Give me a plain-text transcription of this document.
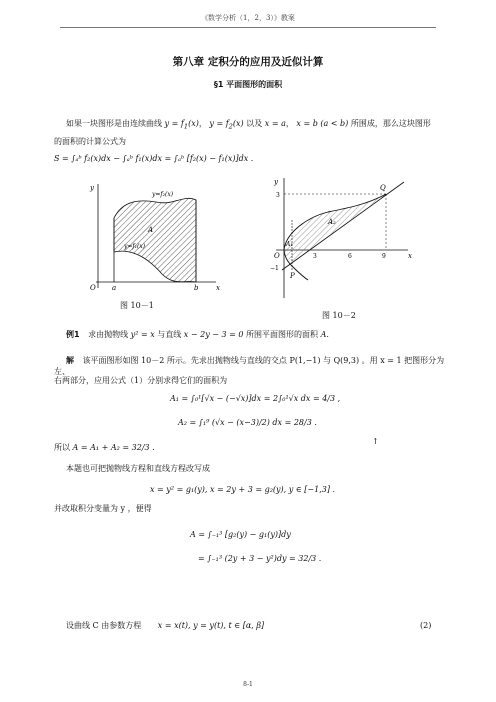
《数学分析（1，2，3）》教案
第八章 定积分的应用及近似计算
§1 平面图形的面积
如果一块图形是由连续曲线 $y = f_1(x)$， $y = f_2(x)$ 以及 x = a， x = b (a < b) 所围成，那么这块图形
的面积的计算公式为
S = ∫ₐᵇ f₂(x)dx − ∫ₐᵇ f₁(x)dx = ∫ₐᵇ [f₂(x) − f₁(x)]dx .
y
x
O a	b
A
y=f₂(x)
y=f₁(x)
图 10－1
y
x
O
Q
P
A₁
A₂
3
−1
3	6	9
图 10－2
例1 求由抛物线 y² = x 与直线 x − 2y − 3 = 0 所围平面图形的面积 A.
解 该平面图形如图 10－2 所示。先求出抛物线与直线的交点 P(1,−1) 与 Q(9,3) 。用 x = 1 把图形分为左、
右两部分，应用公式（1）分别求得它们的面积为
A₁ = ∫₀¹[√x − (−√x)]dx = 2∫₀¹√x dx = 4/3 ,
A₂ = ∫₁⁹ (√x − (x−3)/2) dx = 28/3 .
所以 A = A₁ + A₂ = 32/3 .
↑
本题也可把抛物线方程和直线方程改写成
x = y² = g₁(y), x = 2y + 3 = g₂(y), y ∈ [−1,3] .
并改取积分变量为 y ，便得
A = ∫₋₁³ [g₂(y) − g₁(y)]dy
= ∫₋₁³ (2y + 3 − y²)dy = 32/3 .
设曲线 C 由参数方程 x = x(t), y = y(t), t ∈ [α, β]	(2)
8-1
